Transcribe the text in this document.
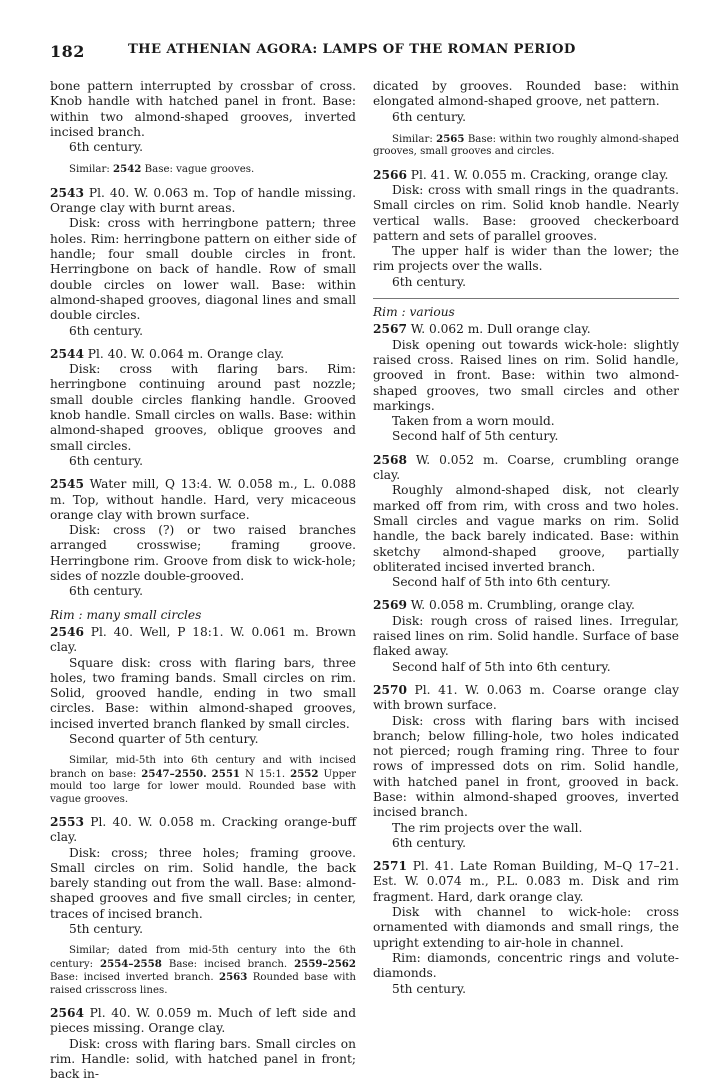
182	THE ATHENIAN AGORA: LAMPS OF THE ROMAN PERIOD

bone pattern interrupted by crossbar of cross. Knob handle with hatched panel in front. Base: within two almond-shaped grooves, inverted incised branch.

6th century.

Similar: 2542 Base: vague grooves.

2543 Pl. 40. W. 0.063 m. Top of handle missing. Orange clay with burnt areas.

Disk: cross with herringbone pattern; three holes. Rim: herringbone pattern on either side of handle; four small double circles in front. Herringbone on back of handle. Row of small double circles on lower wall. Base: within almond-shaped grooves, diagonal lines and small double circles.

6th century.

2544 Pl. 40. W. 0.064 m. Orange clay.

Disk: cross with flaring bars. Rim: herringbone continuing around past nozzle; small double circles flanking handle. Grooved knob handle. Small circles on walls. Base: within almond-shaped grooves, oblique grooves and small circles.

6th century.

2545 Water mill, Q 13:4. W. 0.058 m., L. 0.088 m. Top, without handle. Hard, very micaceous orange clay with brown surface.

Disk: cross (?) or two raised branches arranged crosswise; framing groove. Herringbone rim. Groove from disk to wick-hole; sides of nozzle double-grooved.

6th century.

Rim : many small circles

2546 Pl. 40. Well, P 18:1. W. 0.061 m. Brown clay.

Square disk: cross with flaring bars, three holes, two framing bands. Small circles on rim. Solid, grooved handle, ending in two small circles. Base: within almond-shaped grooves, incised inverted branch flanked by small circles.

Second quarter of 5th century.

Similar, mid-5th into 6th century and with incised branch on base: 2547–2550. 2551 N 15:1. 2552 Upper mould too large for lower mould. Rounded base with vague grooves.

2553 Pl. 40. W. 0.058 m. Cracking orange-buff clay.

Disk: cross; three holes; framing groove. Small circles on rim. Solid handle, the back barely standing out from the wall. Base: almond-shaped grooves and five small circles; in center, traces of incised branch.

5th century.

Similar; dated from mid-5th century into the 6th century: 2554–2558 Base: incised branch. 2559–2562 Base: incised inverted branch. 2563 Rounded base with raised crisscross lines.

2564 Pl. 40. W. 0.059 m. Much of left side and pieces missing. Orange clay.

Disk: cross with flaring bars. Small circles on rim. Handle: solid, with hatched panel in front; back in-

dicated by grooves. Rounded base: within elongated almond-shaped groove, net pattern.

6th century.

Similar: 2565 Base: within two roughly almond-shaped grooves, small grooves and circles.

2566 Pl. 41. W. 0.055 m. Cracking, orange clay.

Disk: cross with small rings in the quadrants. Small circles on rim. Solid knob handle. Nearly vertical walls. Base: grooved checkerboard pattern and sets of parallel grooves.

The upper half is wider than the lower; the rim projects over the walls.

6th century.

Rim : various

2567 W. 0.062 m. Dull orange clay.

Disk opening out towards wick-hole: slightly raised cross. Raised lines on rim. Solid handle, grooved in front. Base: within two almond-shaped grooves, two small circles and other markings.

Taken from a worn mould.

Second half of 5th century.

2568 W. 0.052 m. Coarse, crumbling orange clay.

Roughly almond-shaped disk, not clearly marked off from rim, with cross and two holes. Small circles and vague marks on rim. Solid handle, the back barely indicated. Base: within sketchy almond-shaped groove, partially obliterated incised inverted branch.

Second half of 5th into 6th century.

2569 W. 0.058 m. Crumbling, orange clay.

Disk: rough cross of raised lines. Irregular, raised lines on rim. Solid handle. Surface of base flaked away.

Second half of 5th into 6th century.

2570 Pl. 41. W. 0.063 m. Coarse orange clay with brown surface.

Disk: cross with flaring bars with incised branch; below filling-hole, two holes indicated not pierced; rough framing ring. Three to four rows of impressed dots on rim. Solid handle, with hatched panel in front, grooved in back. Base: within almond-shaped grooves, inverted incised branch.

The rim projects over the wall.

6th century.

2571 Pl. 41. Late Roman Building, M–Q 17–21. Est. W. 0.074 m., P.L. 0.083 m. Disk and rim fragment. Hard, dark orange clay.

Disk with channel to wick-hole: cross ornamented with diamonds and small rings, the upright extending to air-hole in channel.

Rim: diamonds, concentric rings and volute-diamonds.

5th century.
